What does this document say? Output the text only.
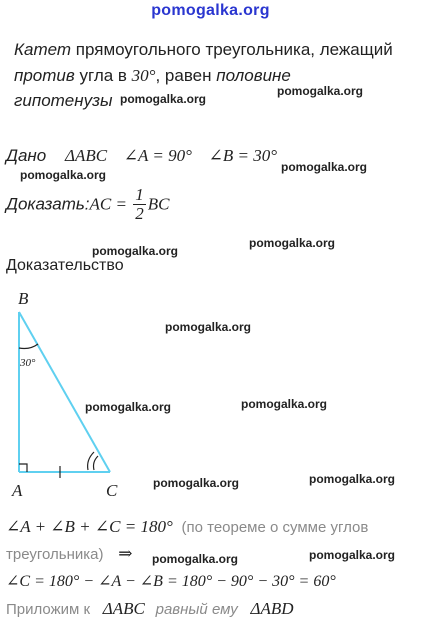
pomogalka.org
Катет прямоугольного треугольника, лежащий
против угла в 30°, равен половине
гипотенузы
Дано ΔABC ∠A = 90° ∠B = 30°
Доказать:AC = $\frac{1}{2}$ BC
Доказательство
B
30°
A	C
∠A + ∠B + ∠C = 180° (по теореме о сумме углов
треугольника) ⇒
∠C = 180° − ∠A − ∠B = 180° − 90° − 30° = 60°
Приложим к ΔABC равный ему ΔABD
pomogalka.org
pomogalka.org
pomogalka.org
pomogalka.org
pomogalka.org
pomogalka.org
pomogalka.org
pomogalka.org	pomogalka.org
pomogalka.org	pomogalka.org
pomogalka.org	pomogalka.org
